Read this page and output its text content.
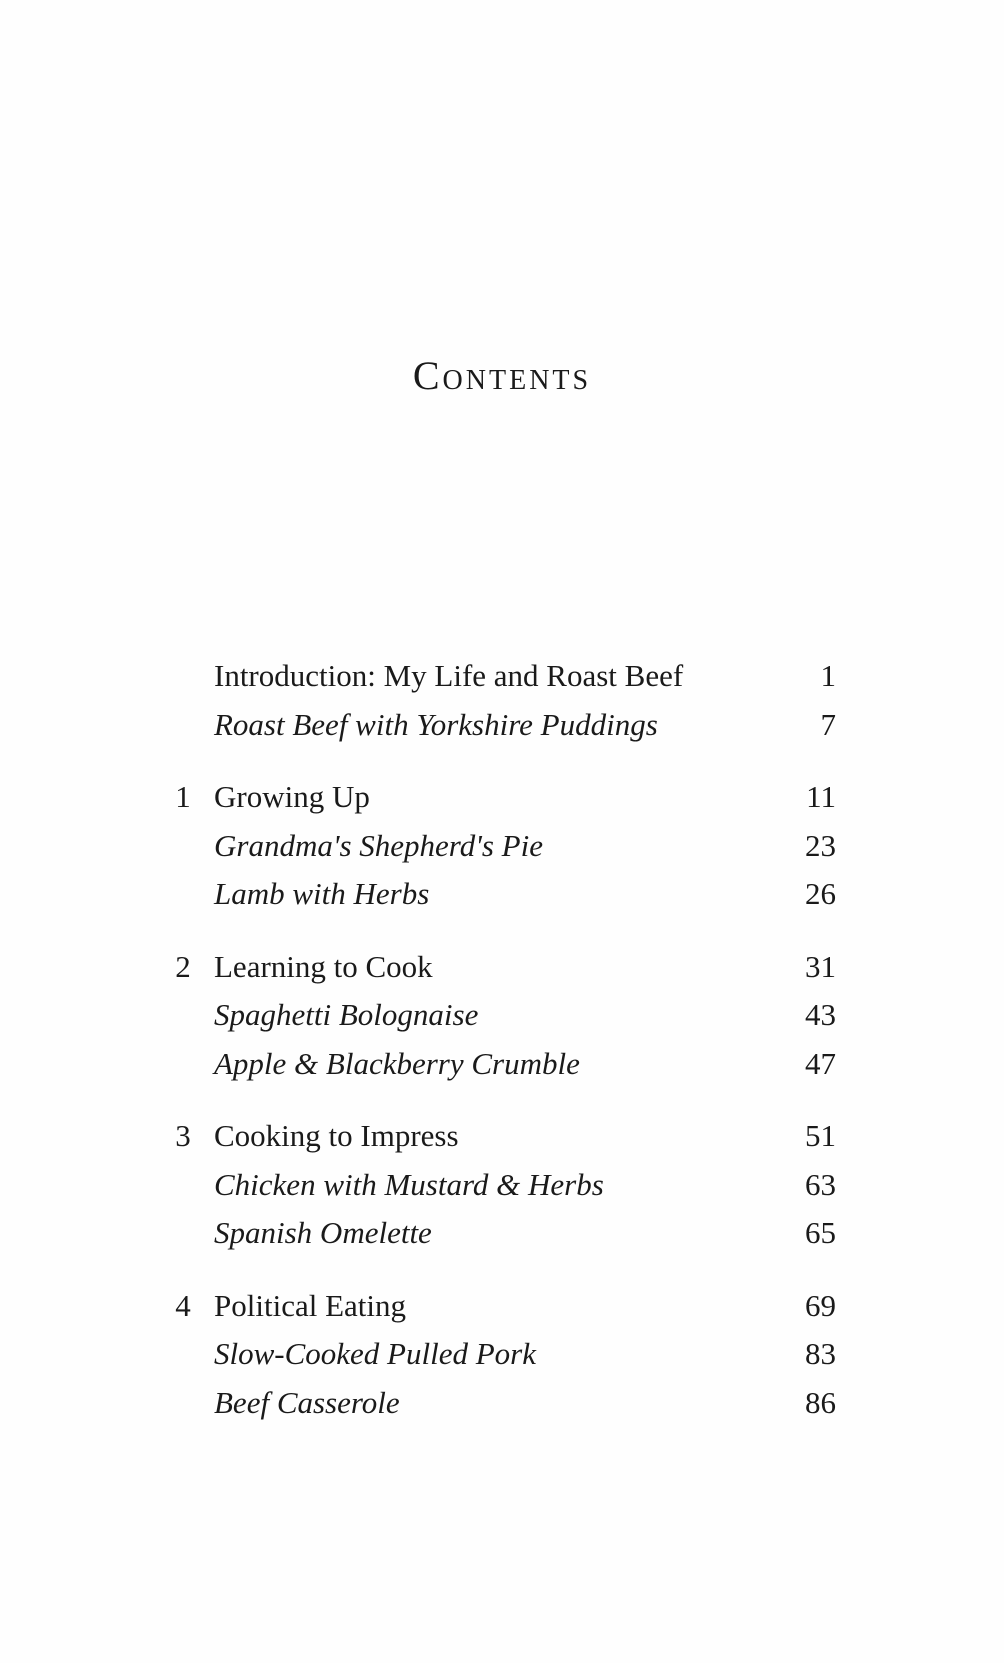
Contents
Introduction: My Life and Roast Beef	1
Roast Beef with Yorkshire Puddings	7
1 Growing Up	11
Grandma's Shepherd's Pie	23
Lamb with Herbs	26
2 Learning to Cook	31
Spaghetti Bolognaise	43
Apple & Blackberry Crumble	47
3 Cooking to Impress	51
Chicken with Mustard & Herbs	63
Spanish Omelette	65
4 Political Eating	69
Slow-Cooked Pulled Pork	83
Beef Casserole	86
